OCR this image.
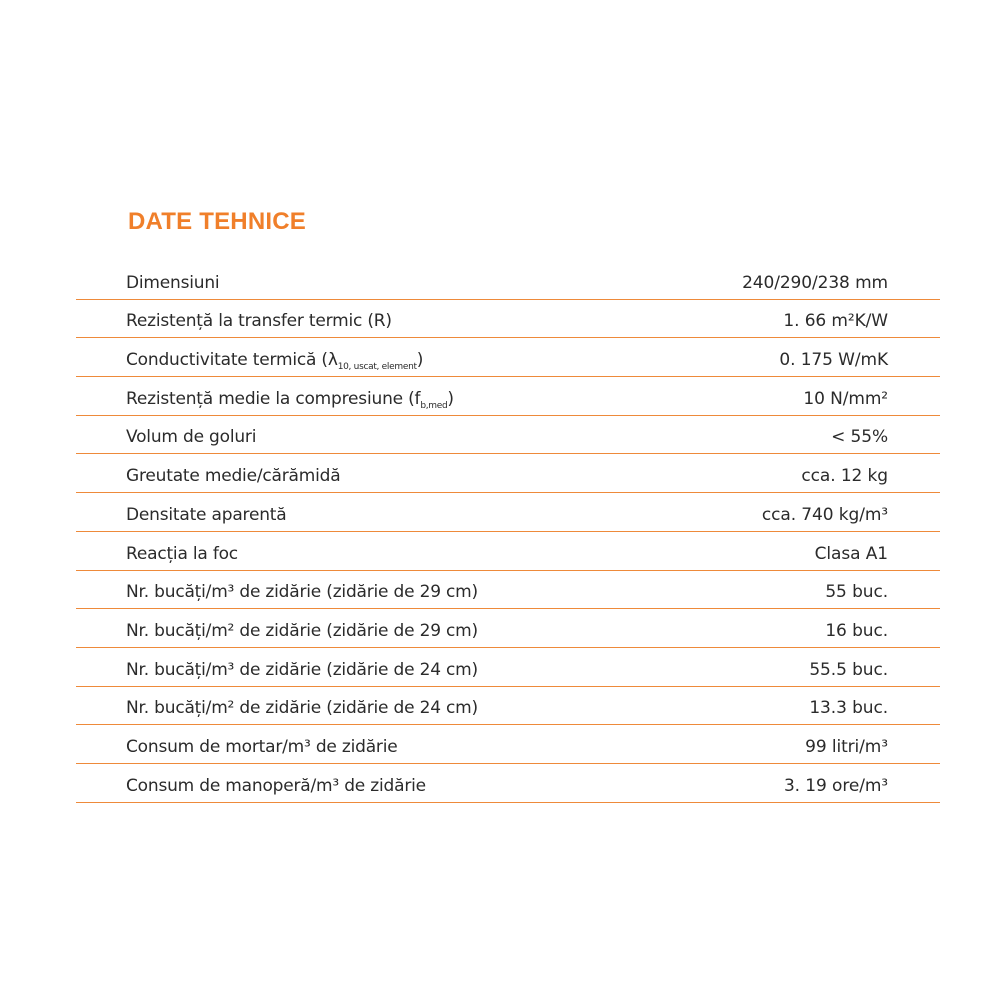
DATE TEHNICE
Dimensiuni	240/290/238 mm
Rezistență la transfer termic (R)	1. 66 m²K/W
Conductivitate termică $(\lambda_{10, uscat, element})$	0. 175 W/mK
Rezistență medie la compresiune $(f_{b,med})$	10 N/mm²
Volum de goluri	< 55%
Greutate medie/cărămidă	cca. 12 kg
Densitate aparentă	cca. 740 kg/m³
Reacția la foc	Clasa A1
Nr. bucăți/m³ de zidărie (zidărie de 29 cm)	55 buc.
Nr. bucăți/m² de zidărie (zidărie de 29 cm)	16 buc.
Nr. bucăți/m³ de zidărie (zidărie de 24 cm)	55.5 buc.
Nr. bucăți/m² de zidărie (zidărie de 24 cm)	13.3 buc.
Consum de mortar/m³ de zidărie	99 litri/m³
Consum de manoperă/m³ de zidărie	3. 19 ore/m³
